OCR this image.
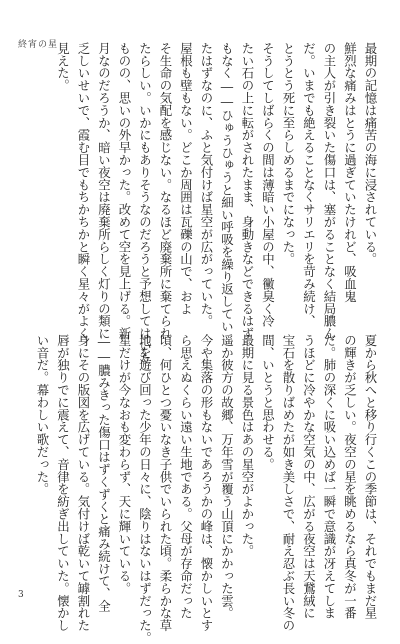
終宵の星	最期の記憶は痛苦の海に浸されている。
鮮烈な痛みはとうに過ぎていたけれど、吸血鬼
の主人が引き裂いた傷口は、塞がることなく結局膿ん
だ。いまでも絶えることなくサリエリを苛み続け、
とうとう死に至らしめるまでになった。
そうしてしばらくの間は薄暗い小屋の中、黴臭く冷
たい石の上に転がされたまま、身動きなどできるはず
もなく――ひゅうひゅうと細い呼吸を繰り返してい
たはずなのに、ふと気付けば星空が広がっていた。
屋根も壁もない。どこか周囲は瓦礫の山で、およ
そ生命の気配を感じない。なるほど廃棄所に棄てられ
たらしい。いかにもありそうなのだろうと予想してはいた
ものの、思いの外早かった。改めて空を見上げる。新
月なのだろうか、暗い夜空は廃棄所らしく灯りの類に
乏しいせいで、霞む目でもちかちかと瞬く星々がよく
見えた。
夏から秋へと移り行くこの季節は、それでもまだ星
の輝きが乏しい。夜空の星を眺めるなら真冬が一番
だ。肺の深くに吸い込めば一瞬で意識が冴えてしま
うほどに冷やかな空気の中、広がる夜空は天鵞絨に
宝石を散りばめたが如き美しさで、耐え忍ぶ長い冬の
間、いとうと思わせる。
最期に見る景色はあの星空がよかった。
遥か彼方の故郷、万年雪が覆う山頂にかかった雲。
今や集落の形もないであろうかの峰は、懐かしいとす
ら思えぬくらい遠い生地である。父母が存命だった
頃、何ひとつ憂いなき子供でいられた頃。柔らかな草
地を遊び回った少年の日々に、陰りはないはずだった。
星だけが今なおも変わらず、天に輝いている。
――膿みきった傷口はずくずくと痛み続けて、全
身にその版図を広げている。気付けば乾いて罅割れた
唇が独りでに震えて、音律を紡ぎ出していた。懐かし
い音だ。幕わしい歌だった。
3
